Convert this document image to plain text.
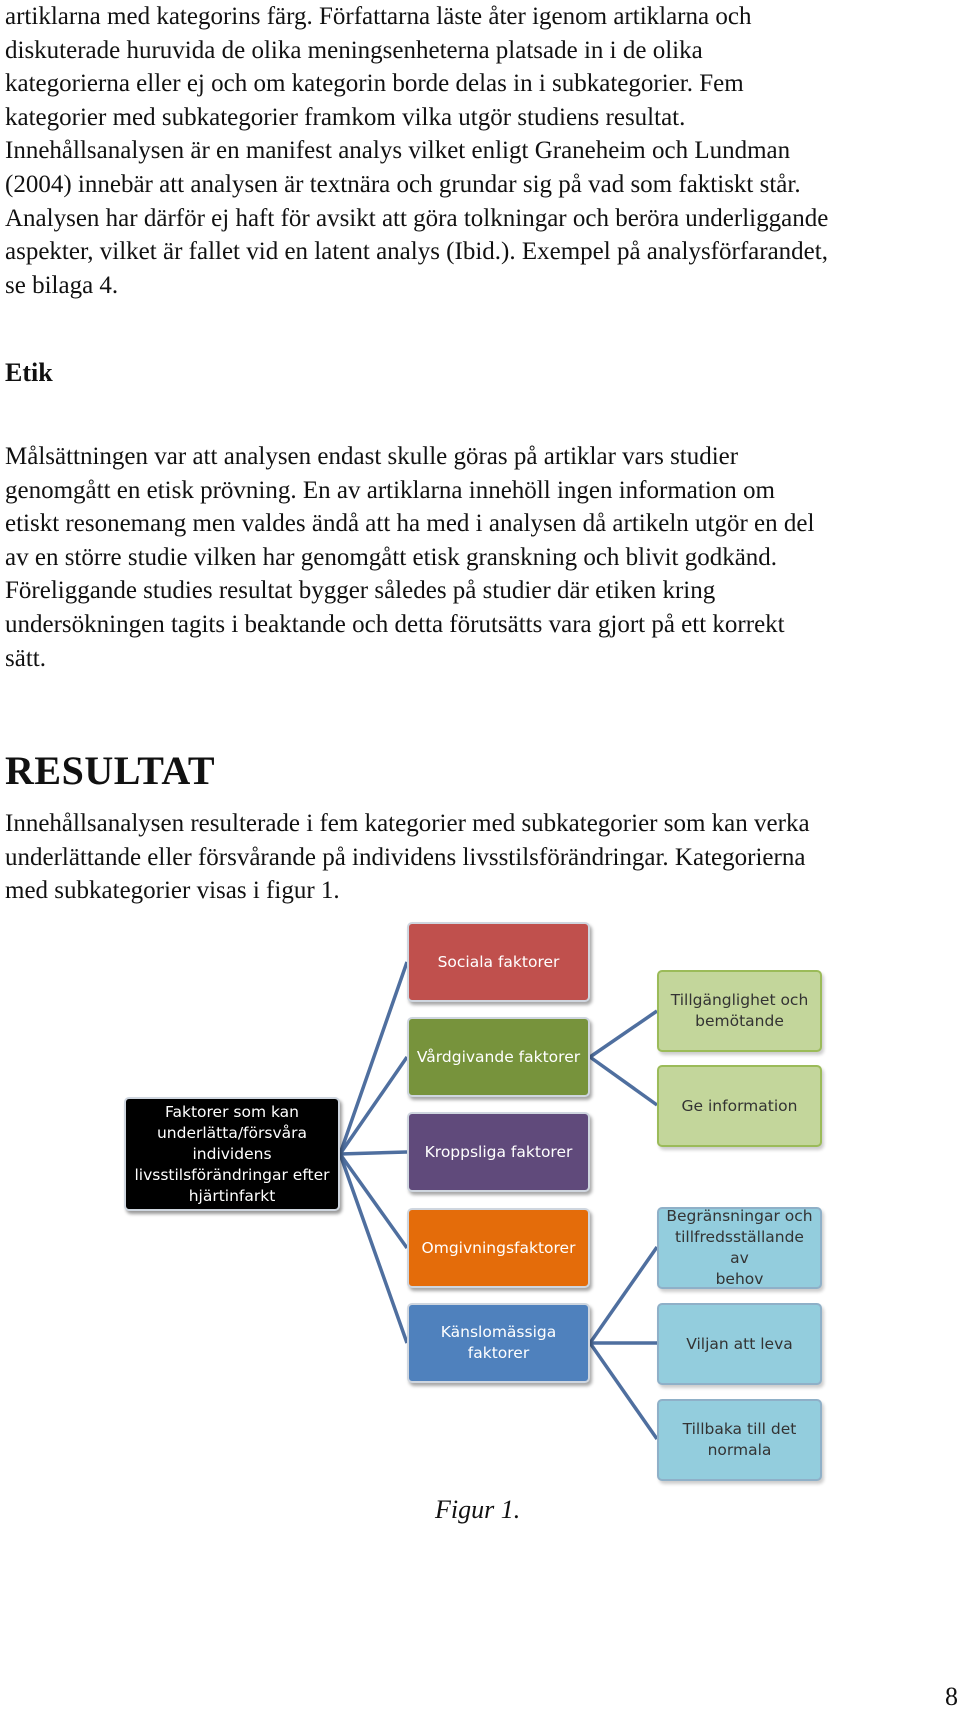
artiklarna med kategorins färg. Författarna läste åter igenom artiklarna och
diskuterade huruvida de olika meningsenheterna platsade in i de olika
kategorierna eller ej och om kategorin borde delas in i subkategorier. Fem
kategorier med subkategorier framkom vilka utgör studiens resultat.
Innehållsanalysen är en manifest analys vilket enligt Graneheim och Lundman
(2004) innebär att analysen är textnära och grundar sig på vad som faktiskt står.
Analysen har därför ej haft för avsikt att göra tolkningar och beröra underliggande
aspekter, vilket är fallet vid en latent analys (Ibid.). Exempel på analysförfarandet,
se bilaga 4.
Etik
Målsättningen var att analysen endast skulle göras på artiklar vars studier
genomgått en etisk prövning. En av artiklarna innehöll ingen information om
etiskt resonemang men valdes ändå att ha med i analysen då artikeln utgör en del
av en större studie vilken har genomgått etisk granskning och blivit godkänd.
Föreliggande studies resultat bygger således på studier där etiken kring
undersökningen tagits i beaktande och detta förutsätts vara gjort på ett korrekt
sätt.
RESULTAT
Innehållsanalysen resulterade i fem kategorier med subkategorier som kan verka
underlättande eller försvårande på individens livsstilsförändringar. Kategorierna
med subkategorier visas i figur 1.
Faktorer som kan
underlätta/försvåra
individens
livsstilsförändringar efter
hjärtinfarkt
Sociala faktorer
Vårdgivande faktorer
Kroppsliga faktorer
Omgivningsfaktorer
Känslomässiga
faktorer
Tillgänglighet och
bemötande
Ge information
Begränsningar och
tillfredsställande av
behov
Viljan att leva
Tillbaka till det
normala

Figur 1.

8
